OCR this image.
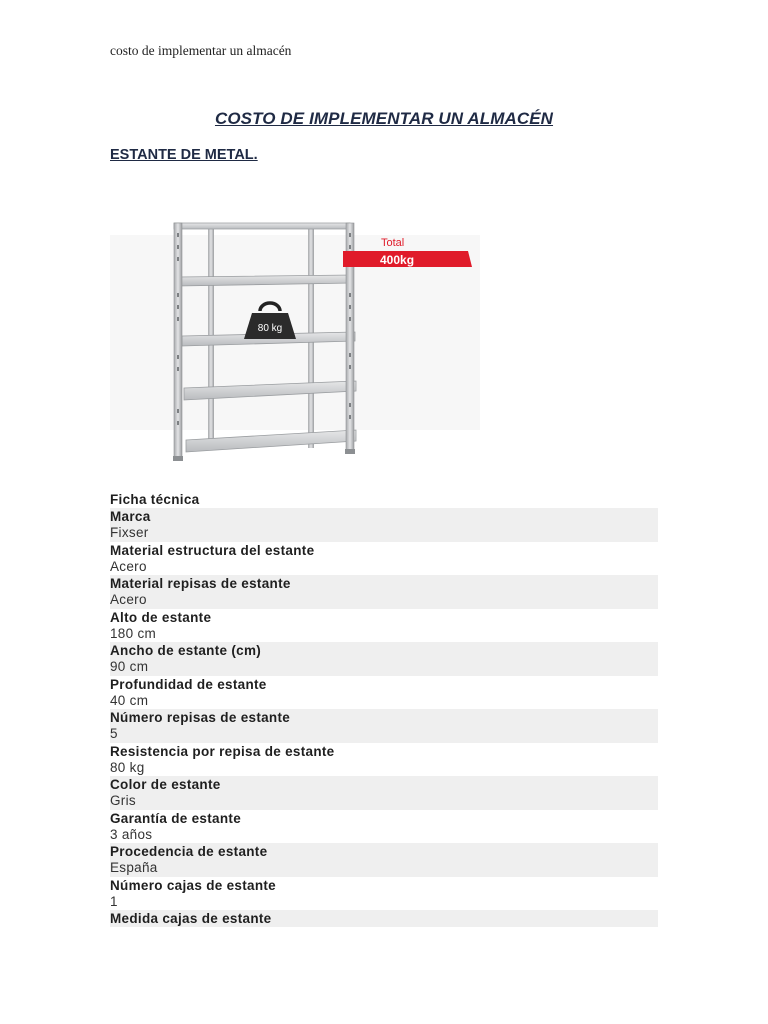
costo de implementar un almacén
COSTO DE IMPLEMENTAR UN ALMACÉN
ESTANTE DE METAL.
80 kg
Total
400kg
Ficha técnica
Marca
Fixser
Material estructura del estante
Acero
Material repisas de estante
Acero
Alto de estante
180 cm
Ancho de estante (cm)
90 cm
Profundidad de estante
40 cm
Número repisas de estante
5
Resistencia por repisa de estante
80 kg
Color de estante
Gris
Garantía de estante
3 años
Procedencia de estante
España
Número cajas de estante
1
Medida cajas de estante
